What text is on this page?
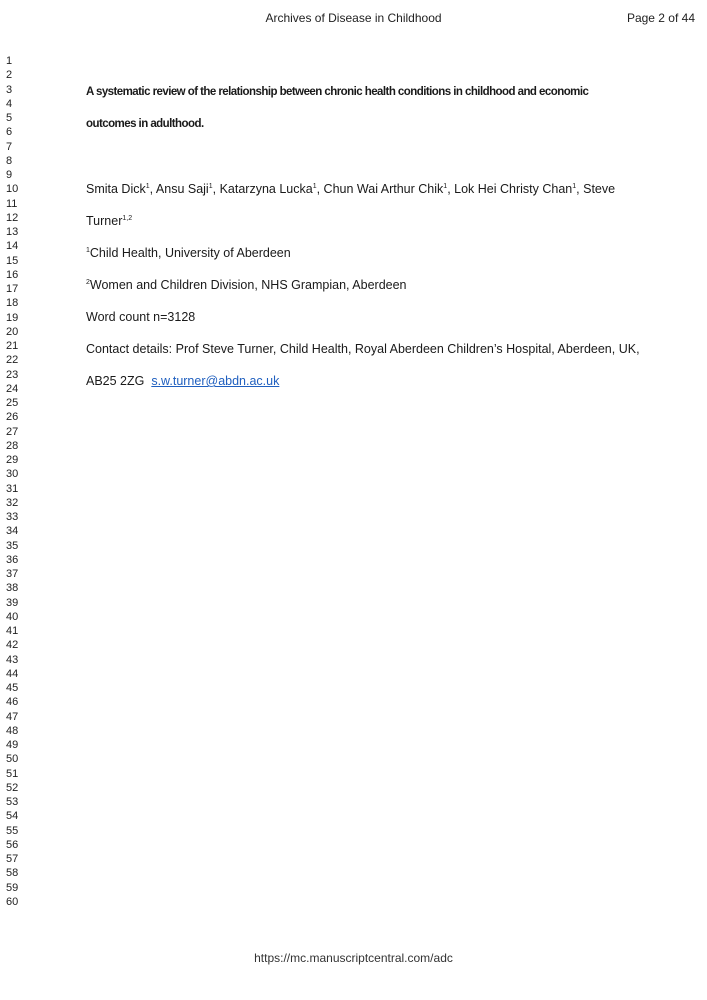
Archives of Disease in Childhood	Page 2 of 44
1
2
3
4
5
6
7
8
9
10
11
12
13
14
15
16
17
18
19
20
21
22
23
24
25
26
27
28
29
30
31
32
33
34
35
36
37
38
39
40
41
42
43
44
45
46
47
48
49
50
51
52
53
54
55
56
57
58
59
60
A systematic review of the relationship between chronic health conditions in childhood and economic
outcomes in adulthood.
Smita Dick$^1$, Ansu Saji$^1$, Katarzyna Lucka$^1$, Chun Wai Arthur Chik$^1$, Lok Hei Christy Chan$^1$, Steve
Turner$^{1,2}$
$^1$Child Health, University of Aberdeen
$^2$Women and Children Division, NHS Grampian, Aberdeen
Word count n=3128
Contact details: Prof Steve Turner, Child Health, Royal Aberdeen Children’s Hospital, Aberdeen, UK,
AB25 2ZG  s.w.turner@abdn.ac.uk
https://mc.manuscriptcentral.com/adc
